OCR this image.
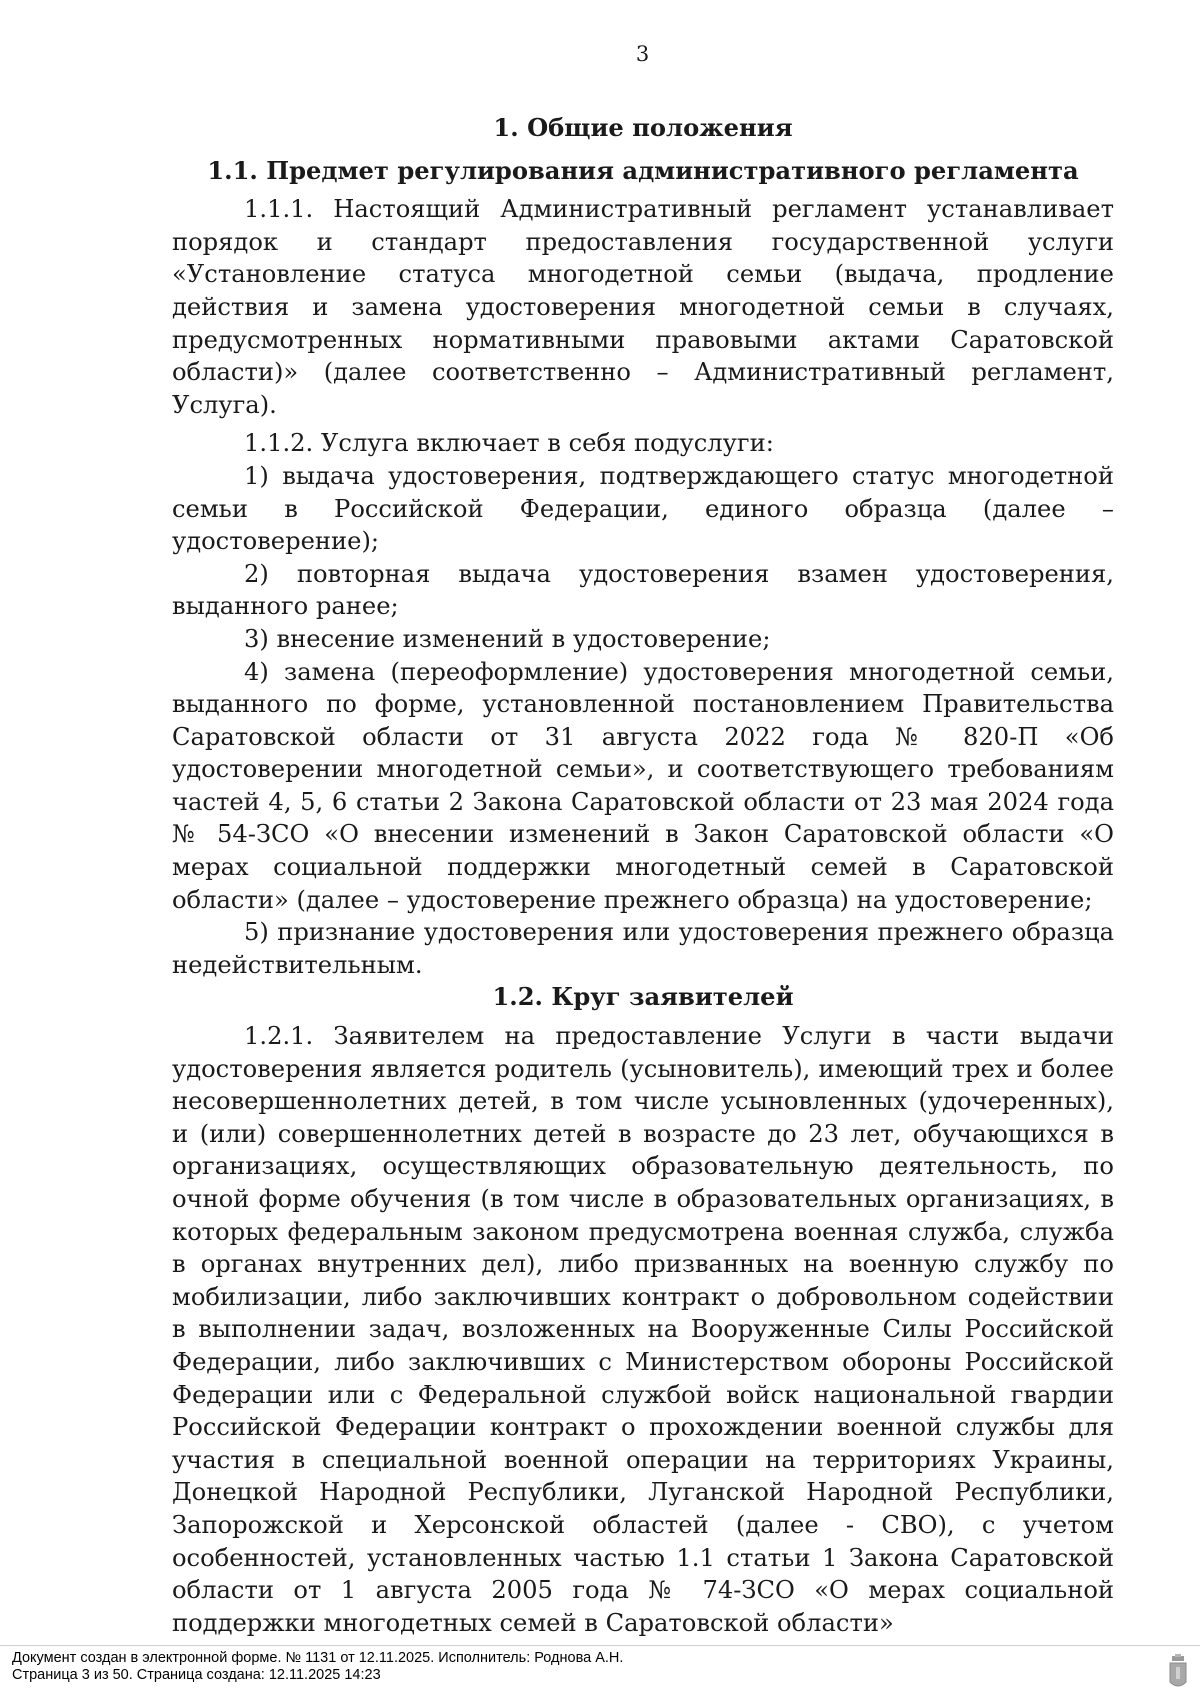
3

1. Общие положения

1.1. Предмет регулирования административного регламента

1.1.1. Настоящий Административный регламент устанавливает порядок и стандарт предоставления государственной услуги «Установление статуса многодетной семьи (выдача, продление действия и замена удостоверения многодетной семьи в случаях, предусмотренных нормативными правовыми актами Саратовской области)» (далее соответственно – Административный регламент, Услуга).

1.1.2. Услуга включает в себя подуслуги:

1) выдача удостоверения, подтверждающего статус многодетной семьи в Российской Федерации, единого образца (далее – удостоверение);

2) повторная выдача удостоверения взамен удостоверения, выданного ранее;

3) внесение изменений в удостоверение;

4) замена (переоформление) удостоверения многодетной семьи, выданного по форме, установленной постановлением Правительства Саратовской области от 31 августа 2022 года № 820-П «Об удостоверении многодетной семьи», и соответствующего требованиям частей 4, 5, 6 статьи 2 Закона Саратовской области от 23 мая 2024 года № 54-ЗСО «О внесении изменений в Закон Саратовской области «О мерах социальной поддержки многодетный семей в Саратовской области» (далее – удостоверение прежнего образца) на удостоверение;

5) признание удостоверения или удостоверения прежнего образца недействительным.

1.2. Круг заявителей

1.2.1. Заявителем на предоставление Услуги в части выдачи удостоверения является родитель (усыновитель), имеющий трех и более несовершеннолетних детей, в том числе усыновленных (удочеренных), и (или) совершеннолетних детей в возрасте до 23 лет, обучающихся в организациях, осуществляющих образовательную деятельность, по очной форме обучения (в том числе в образовательных организациях, в которых федеральным законом предусмотрена военная служба, служба в органах внутренних дел), либо призванных на военную службу по мобилизации, либо заключивших контракт о добровольном содействии в выполнении задач, возложенных на Вооруженные Силы Российской Федерации, либо заключивших с Министерством обороны Российской Федерации или с Федеральной службой войск национальной гвардии Российской Федерации контракт о прохождении военной службы для участия в специальной военной операции на территориях Украины, Донецкой Народной Республики, Луганской Народной Республики, Запорожской и Херсонской областей (далее - СВО), с учетом особенностей, установленных частью 1.1 статьи 1 Закона Саратовской области от 1 августа 2005 года № 74-ЗСО «О мерах социальной поддержки многодетных семей в Саратовской области»

Документ создан в электронной форме. № 1131 от 12.11.2025. Исполнитель: Роднова А.Н.
Страница 3 из 50. Страница создана: 12.11.2025 14:23
